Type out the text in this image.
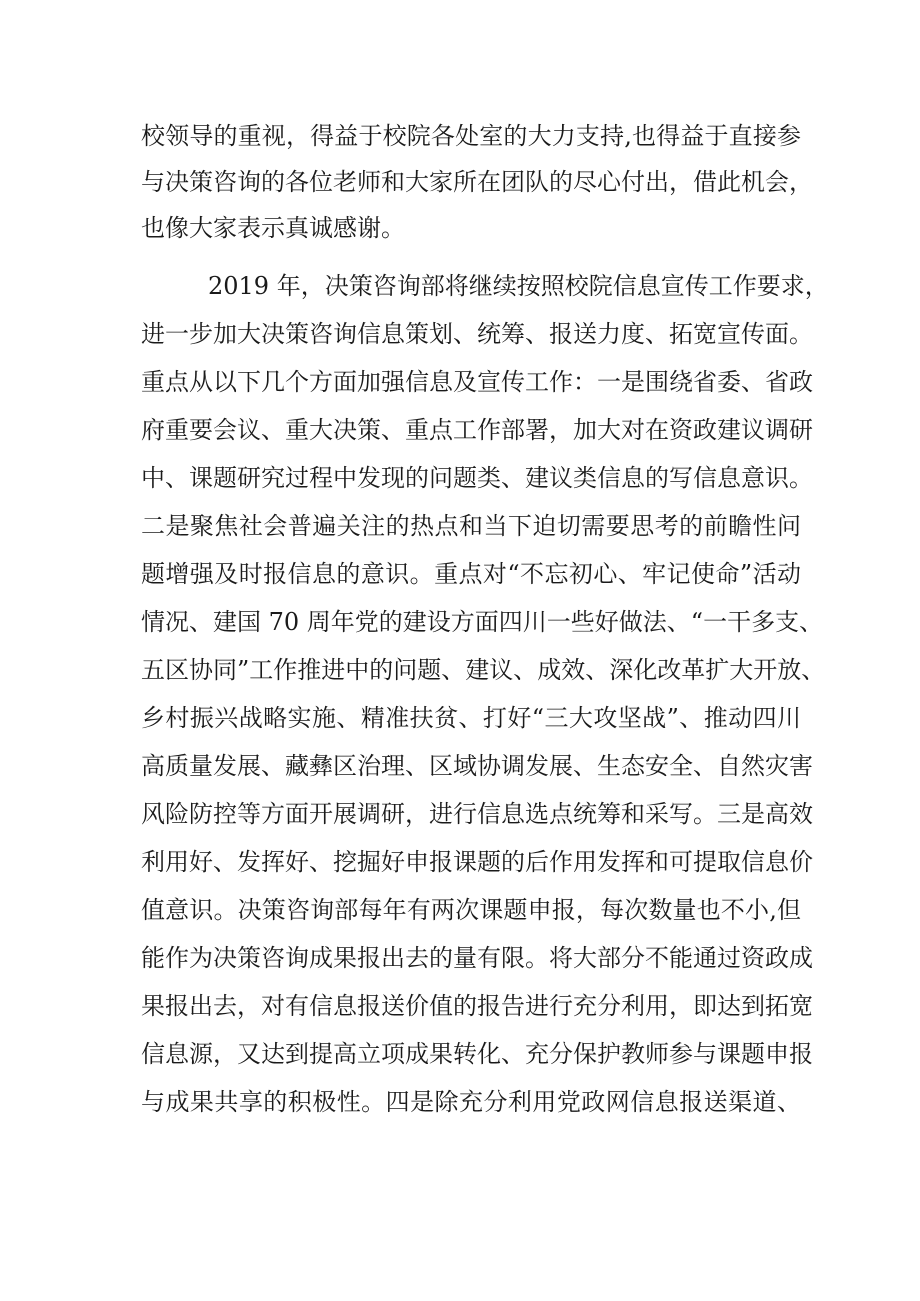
校领导的重视，得益于校院各处室的大力支持,也得益于直接参
与决策咨询的各位老师和大家所在团队的尽心付出，借此机会，
也像大家表示真诚感谢。
2019 年，决策咨询部将继续按照校院信息宣传工作要求，
进一步加大决策咨询信息策划、统筹、报送力度、拓宽宣传面。
重点从以下几个方面加强信息及宣传工作：一是围绕省委、省政
府重要会议、重大决策、重点工作部署，加大对在资政建议调研
中、课题研究过程中发现的问题类、建议类信息的写信息意识。
二是聚焦社会普遍关注的热点和当下迫切需要思考的前瞻性问
题增强及时报信息的意识。重点对“不忘初心、牢记使命”活动
情况、建国 70 周年党的建设方面四川一些好做法、“一干多支、
五区协同”工作推进中的问题、建议、成效、深化改革扩大开放、
乡村振兴战略实施、精准扶贫、打好“三大攻坚战”、推动四川
高质量发展、藏彝区治理、区域协调发展、生态安全、自然灾害
风险防控等方面开展调研，进行信息选点统筹和采写。三是高效
利用好、发挥好、挖掘好申报课题的后作用发挥和可提取信息价
值意识。决策咨询部每年有两次课题申报，每次数量也不小,但
能作为决策咨询成果报出去的量有限。将大部分不能通过资政成
果报出去，对有信息报送价值的报告进行充分利用，即达到拓宽
信息源，又达到提高立项成果转化、充分保护教师参与课题申报
与成果共享的积极性。四是除充分利用党政网信息报送渠道、
